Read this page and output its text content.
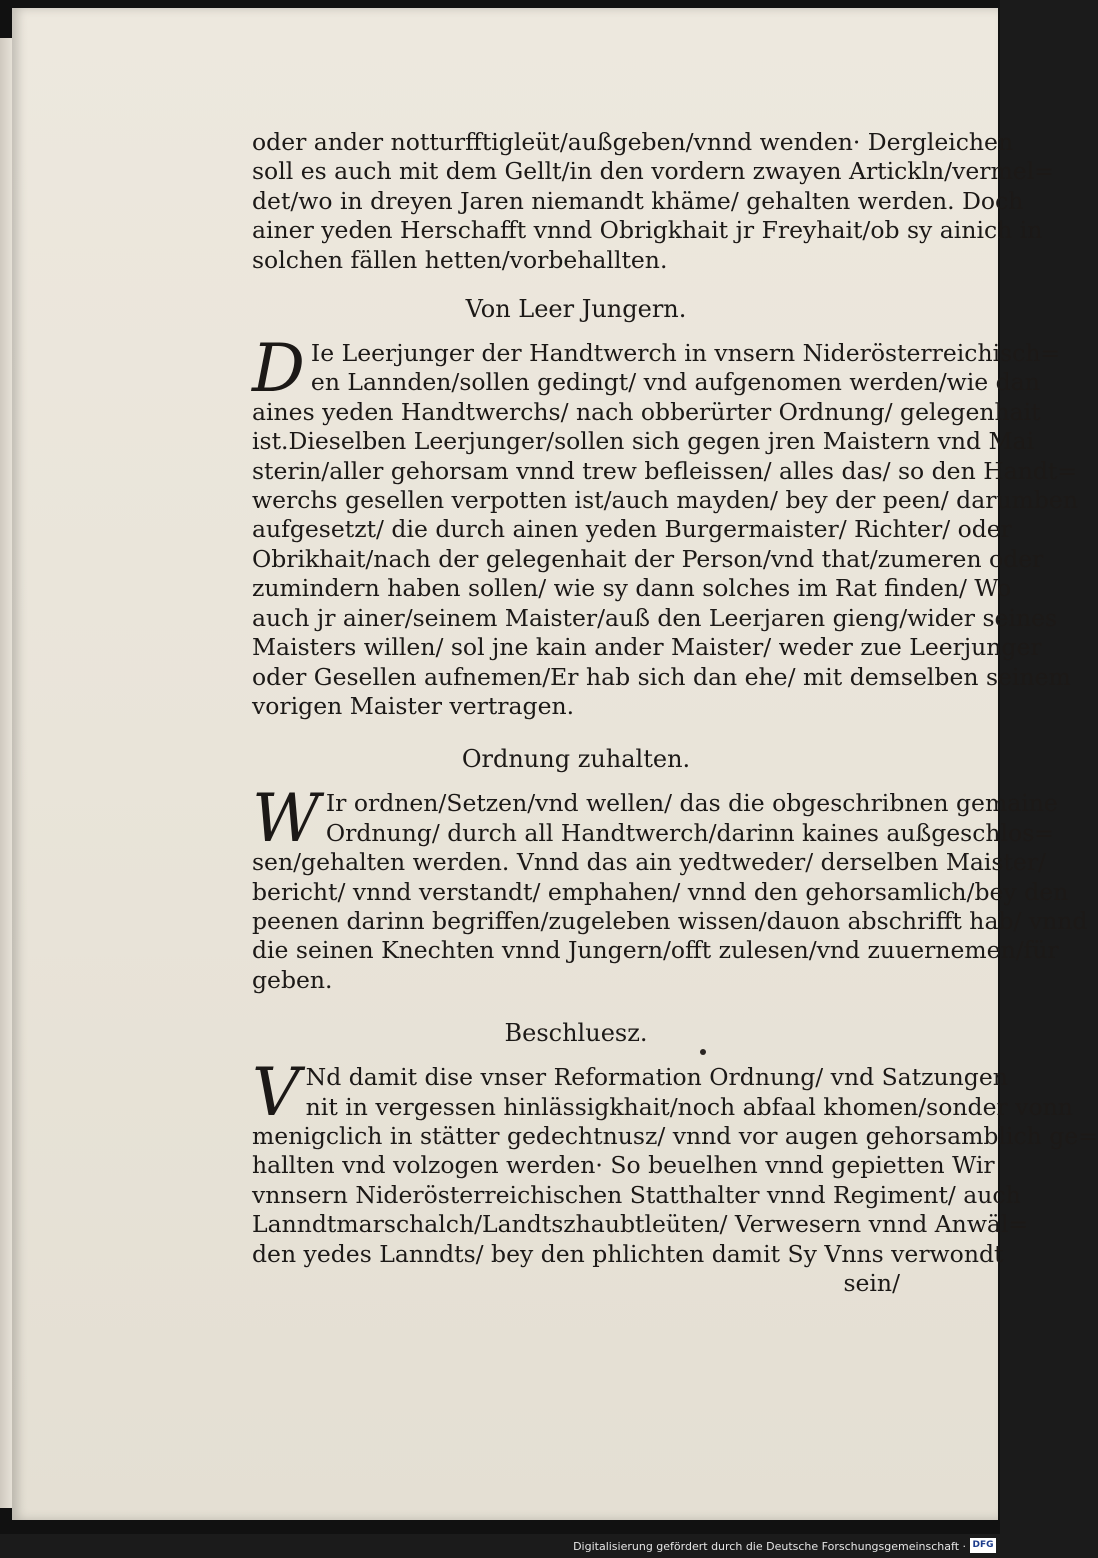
oder ander notturfftigleüt/außgeben/vnnd wenden· Dergleichen
soll es auch mit dem Gellt/in den vordern zwayen Artickln/vermel=
det/wo in dreyen Jaren niemandt khäme/ gehalten werden. Doch
ainer yeden Herschafft vnnd Obrigkhait jr Freyhait/ob sy ainich in
solchen fällen hetten/vorbehallten.
Von Leer Jungern.
D Ie Leerjunger der Handtwerch in vnsern Niderösterreichisch=
en Lannden/sollen gedingt/ vnd aufgenomen werden/wie dan
aines yeden Handtwerchs/ nach obberürter Ordnung/ gelegenhait
ist.Dieselben Leerjunger/sollen sich gegen jren Maistern vnd Mai
sterin/aller gehorsam vnnd trew befleissen/ alles das/ so den Handt=
werchs gesellen verpotten ist/auch mayden/ bey der peen/ darumben
aufgesetzt/ die durch ainen yeden Burgermaister/ Richter/ oder
Obrikhait/nach der gelegenhait der Person/vnd that/zumeren oder
zumindern haben sollen/ wie sy dann solches im Rat finden/ Wo
auch jr ainer/seinem Maister/auß den Leerjaren gieng/wider seines
Maisters willen/ sol jne kain ander Maister/ weder zue Leerjunger
oder Gesellen aufnemen/Er hab sich dan ehe/ mit demselben seinem
vorigen Maister vertragen.
Ordnung zuhalten.
W Ir ordnen/Setzen/vnd wellen/ das die obgeschribnen gemaine
Ordnung/ durch all Handtwerch/darinn kaines außgeschlos=
sen/gehalten werden. Vnnd das ain yedtweder/ derselben Maister/
bericht/ vnnd verstandt/ emphahen/ vnnd den gehorsamlich/bey den
peenen darinn begriffen/zugeleben wissen/dauon abschrifft hab/ vnnd
die seinen Knechten vnnd Jungern/offt zulesen/vnd zuuernemen/für
geben.
Beschluesz.
V Nd damit dise vnser Reformation Ordnung/ vnd Satzungen
nit in vergessen hinlässigkhait/noch abfaal khomen/sonder vonn
menigclich in stätter gedechtnusz/ vnnd vor augen gehorsamblich ge=
hallten vnd volzogen werden· So beuelhen vnnd gepietten Wir
vnnsern Niderösterreichischen Statthalter vnnd Regiment/ auch
Lanndtmarschalch/Landtszhaubtleüten/ Verwesern vnnd Anwäl=
den yedes Lanndts/ bey den phlichten damit Sy Vnns verwondt
sein/
Digitalisierung gefördert durch die Deutsche Forschungsgemeinschaft · DFG
